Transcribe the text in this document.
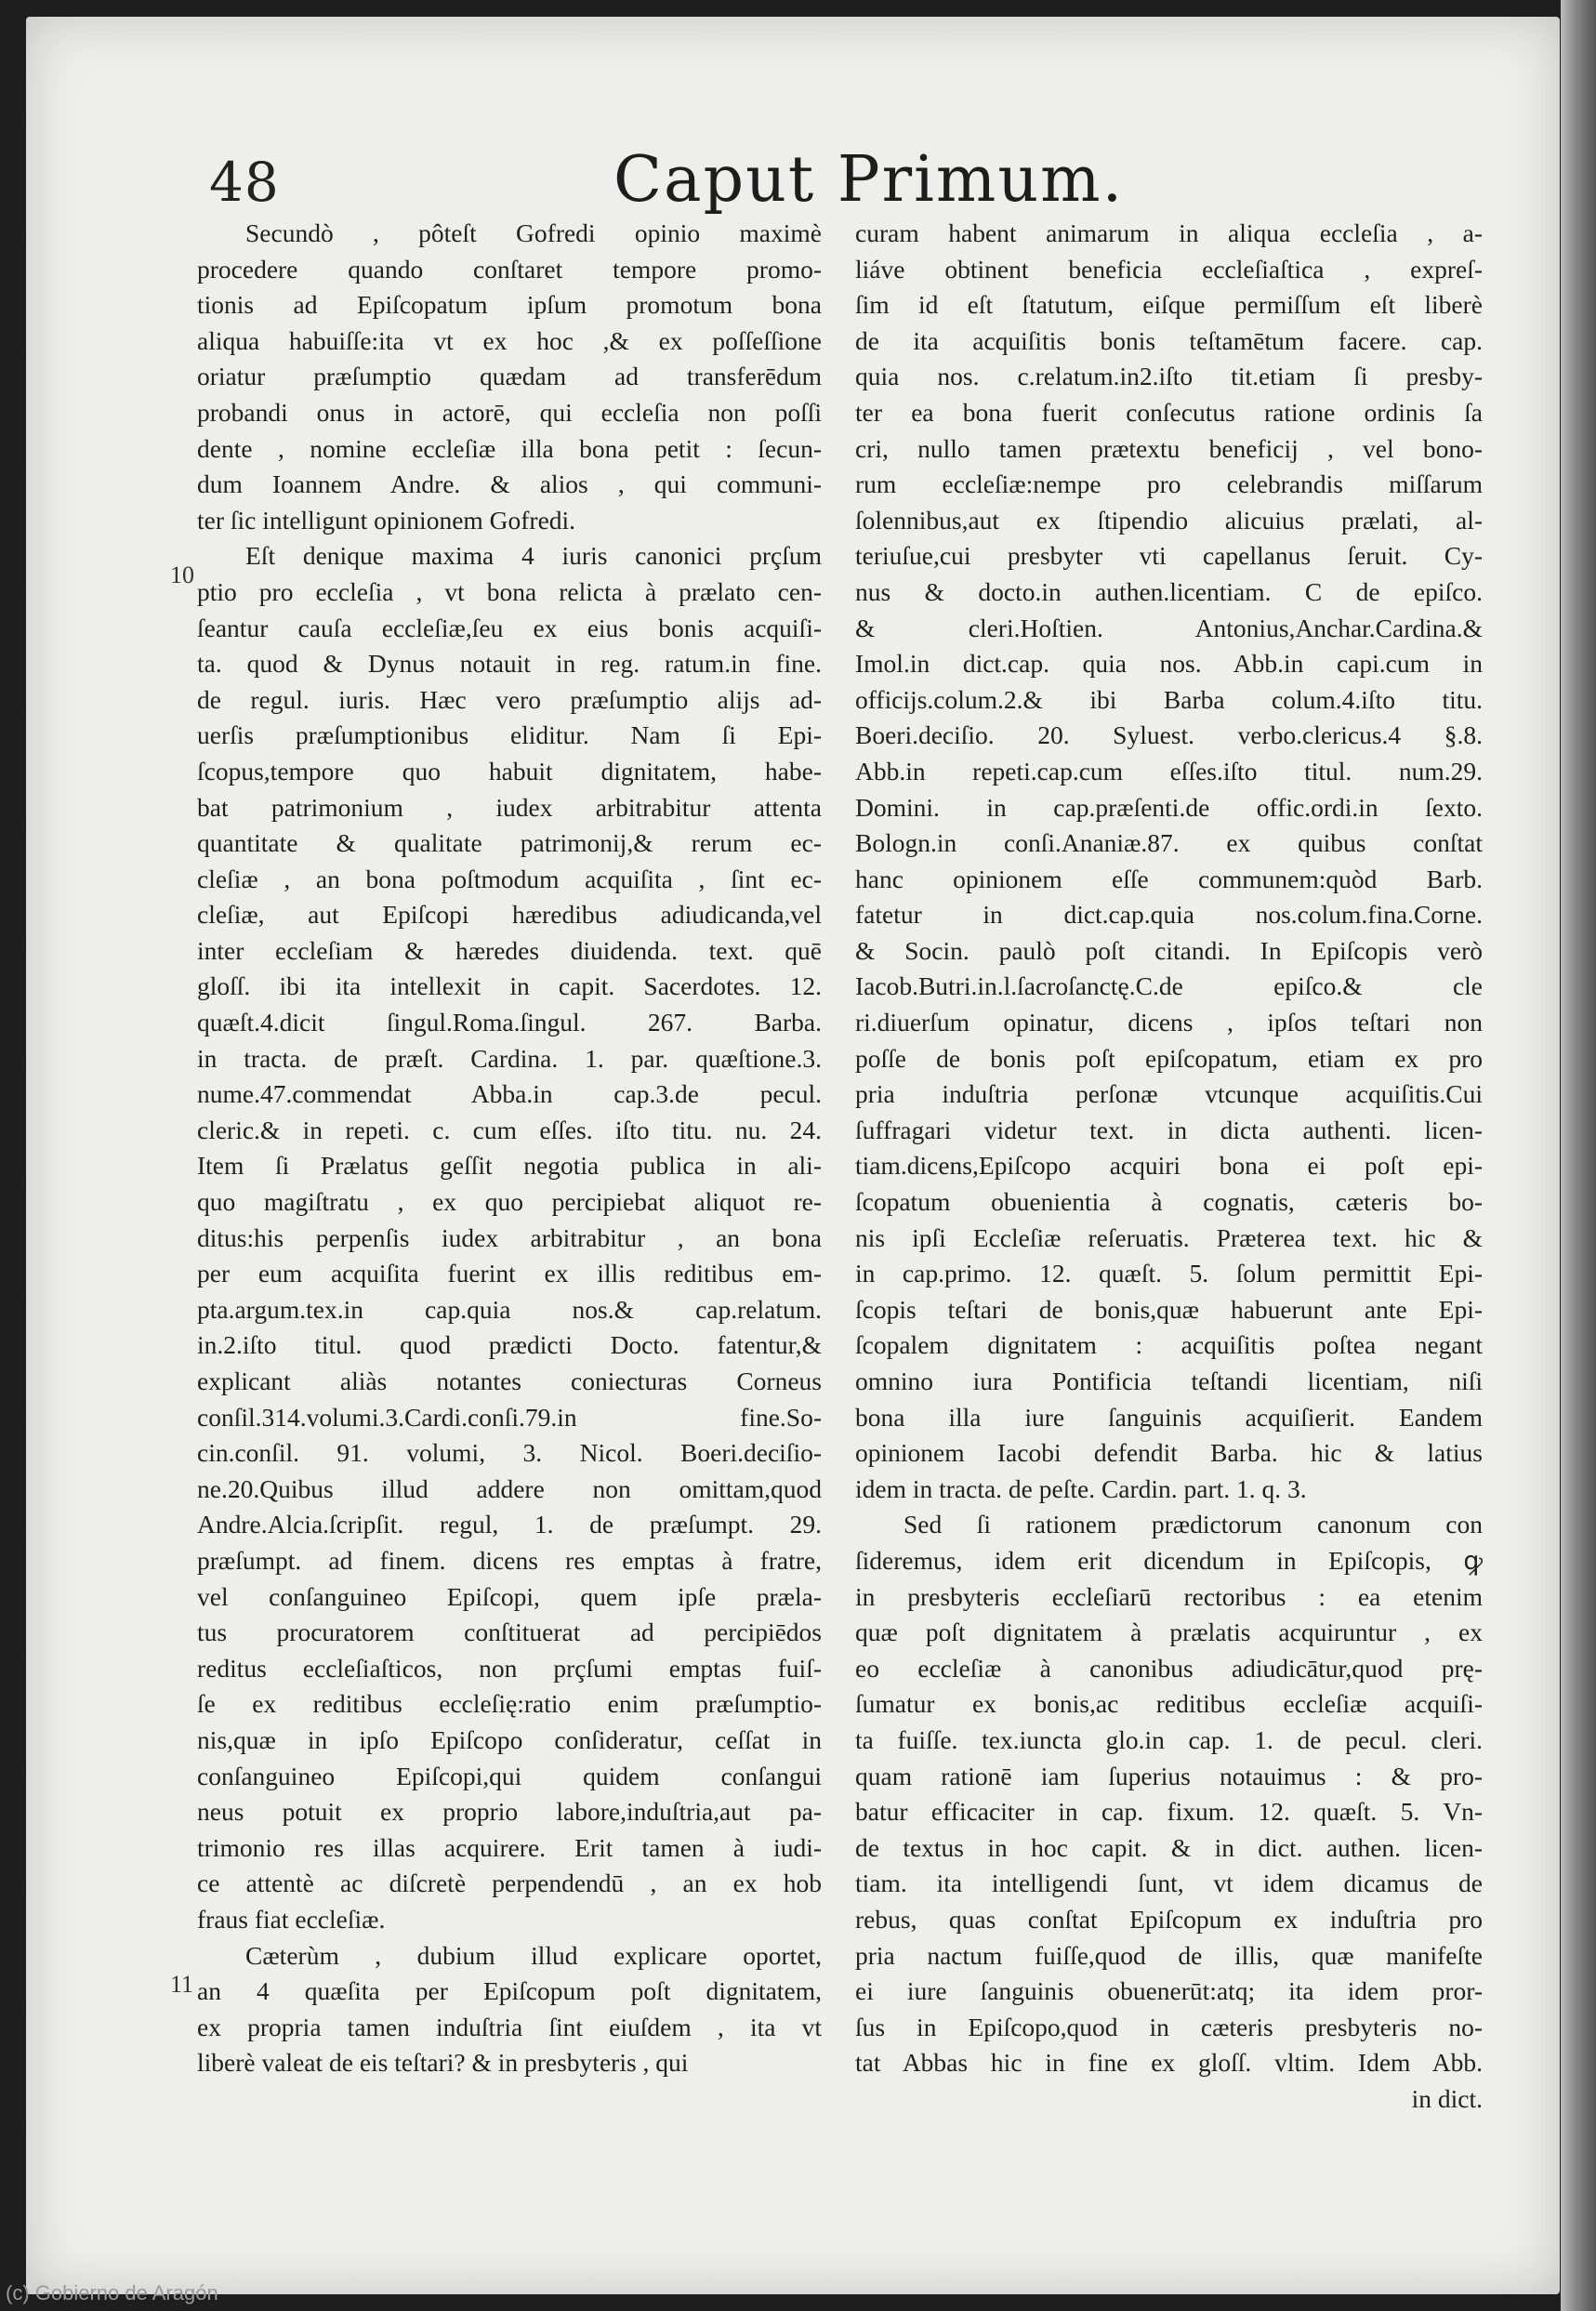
48	Caput Primum.
10
11
Secundò , pôteſt Gofredi opinio maximè
procedere quando conſtaret tempore promo-
tionis ad Epiſcopatum ipſum promotum bona
aliqua habuiſſe:ita vt ex hoc ,& ex poſſeſſione
oriatur præſumptio quædam ad transferēdum
probandi onus in actorē, qui eccleſia non poſſi
dente , nomine eccleſiæ illa bona petit : ſecun-
dum Ioannem Andre. & alios , qui communi-
ter ſic intelligunt opinionem Gofredi.
Eſt denique maxima 4 iuris canonici prçſum
ptio pro eccleſia , vt bona relicta à prælato cen-
ſeantur cauſa eccleſiæ,ſeu ex eius bonis acquiſi-
ta. quod & Dynus notauit in reg. ratum.in fine.
de regul. iuris. Hæc vero præſumptio alijs ad-
uerſis præſumptionibus eliditur. Nam ſi Epi-
ſcopus,tempore quo habuit dignitatem, habe-
bat patrimonium , iudex arbitrabitur attenta
quantitate & qualitate patrimonij,& rerum ec-
cleſiæ , an bona poſtmodum acquiſita , ſint ec-
cleſiæ, aut Epiſcopi hæredibus adiudicanda,vel
inter eccleſiam & hæredes diuidenda. text. quē
gloſſ. ibi ita intellexit in capit. Sacerdotes. 12.
quæſt.4.dicit ſingul.Roma.ſingul. 267. Barba.
in tracta. de præſt. Cardina. 1. par. quæſtione.3.
nume.47.commendat Abba.in cap.3.de pecul.
cleric.& in repeti. c. cum eſſes. iſto titu. nu. 24.
Item ſi Prælatus geſſit negotia publica in ali-
quo magiſtratu , ex quo percipiebat aliquot re-
ditus:his perpenſis iudex arbitrabitur , an bona
per eum acquiſita fuerint ex illis reditibus em-
pta.argum.tex.in cap.quia nos.& cap.relatum.
in.2.iſto titul. quod prædicti Docto. fatentur,&
explicant aliàs notantes coniecturas Corneus
conſil.314.volumi.3.Cardi.conſi.79.in fine.So-
cin.conſil. 91. volumi, 3. Nicol. Boeri.deciſio-
ne.20.Quibus illud addere non omittam,quod
Andre.Alcia.ſcripſit. regul, 1. de præſumpt. 29.
præſumpt. ad finem. dicens res emptas à fratre,
vel conſanguineo Epiſcopi, quem ipſe præla-
tus procuratorem conſtituerat ad percipiēdos
reditus eccleſiaſticos, non prçſumi emptas fuiſ-
ſe ex reditibus eccleſię:ratio enim præſumptio-
nis,quæ in ipſo Epiſcopo conſideratur, ceſſat in
conſanguineo Epiſcopi,qui quidem conſangui
neus potuit ex proprio labore,induſtria,aut pa-
trimonio res illas acquirere. Erit tamen à iudi-
ce attentè ac diſcretè perpendendū , an ex hob
fraus fiat eccleſiæ.
Cæterùm , dubium illud explicare oportet,
an 4 quæſita per Epiſcopum poſt dignitatem,
ex propria tamen induſtria ſint eiuſdem , ita vt
liberè valeat de eis teſtari? & in presbyteris , qui
curam habent animarum in aliqua eccleſia , a-
liáve obtinent beneficia eccleſiaſtica , expreſ-
ſim id eſt ſtatutum, eiſque permiſſum eſt liberè
de ita acquiſitis bonis teſtamētum facere. cap.
quia nos. c.relatum.in2.iſto tit.etiam ſi presby-
ter ea bona fuerit conſecutus ratione ordinis ſa
cri, nullo tamen prætextu beneficij , vel bono-
rum eccleſiæ:nempe pro celebrandis miſſarum
ſolennibus,aut ex ſtipendio alicuius prælati, al-
teriuſue,cui presbyter vti capellanus ſeruit. Cy-
nus & docto.in authen.licentiam. C de epiſco.
& cleri.Hoſtien. Antonius,Anchar.Cardina.&
Imol.in dict.cap. quia nos. Abb.in capi.cum in
officijs.colum.2.& ibi Barba colum.4.iſto titu.
Boeri.deciſio. 20. Syluest. verbo.clericus.4 §.8.
Abb.in repeti.cap.cum eſſes.iſto titul. num.29.
Domini. in cap.præſenti.de offic.ordi.in ſexto.
Bologn.in conſi.Ananiæ.87. ex quibus conſtat
hanc opinionem eſſe communem:quòd Barb.
fatetur in dict.cap.quia nos.colum.fina.Corne.
& Socin. paulò poſt citandi. In Epiſcopis verò
Iacob.Butri.in.l.ſacroſanctę.C.de epiſco.& cle
ri.diuerſum opinatur, dicens , ipſos teſtari non
poſſe de bonis poſt epiſcopatum, etiam ex pro
pria induſtria perſonæ vtcunque acquiſitis.Cui
ſuffragari videtur text. in dicta authenti. licen-
tiam.dicens,Epiſcopo acquiri bona ei poſt epi-
ſcopatum obuenientia à cognatis, cæteris bo-
nis ipſi Eccleſiæ reſeruatis. Præterea text. hic &
in cap.primo. 12. quæſt. 5. ſolum permittit Epi-
ſcopis teſtari de bonis,quæ habuerunt ante Epi-
ſcopalem dignitatem : acquiſitis poſtea negant
omnino iura Pontificia teſtandi licentiam, niſi
bona illa iure ſanguinis acquiſierit. Eandem
opinionem Iacobi defendit Barba. hic & latius
idem in tracta. de peſte. Cardin. part. 1. q. 3.
Sed ſi rationem prædictorum canonum con
ſideremus, idem erit dicendum in Epiſcopis, ꝙ
in presbyteris eccleſiarū rectoribus : ea etenim
quæ poſt dignitatem à prælatis acquiruntur , ex
eo eccleſiæ à canonibus adiudicātur,quod prę-
ſumatur ex bonis,ac reditibus eccleſiæ acquiſi-
ta fuiſſe. tex.iuncta glo.in cap. 1. de pecul. cleri.
quam rationē iam ſuperius notauimus : & pro-
batur efficaciter in cap. fixum. 12. quæſt. 5. Vn-
de textus in hoc capit. & in dict. authen. licen-
tiam. ita intelligendi ſunt, vt idem dicamus de
rebus, quas conſtat Epiſcopum ex induſtria pro
pria nactum fuiſſe,quod de illis, quæ manifeſte
ei iure ſanguinis obuenerūt:atq; ita idem pror-
ſus in Epiſcopo,quod in cæteris presbyteris no-
tat Abbas hic in fine ex gloſſ. vltim. Idem Abb.
in dict.
(c) Gobierno de Aragón
